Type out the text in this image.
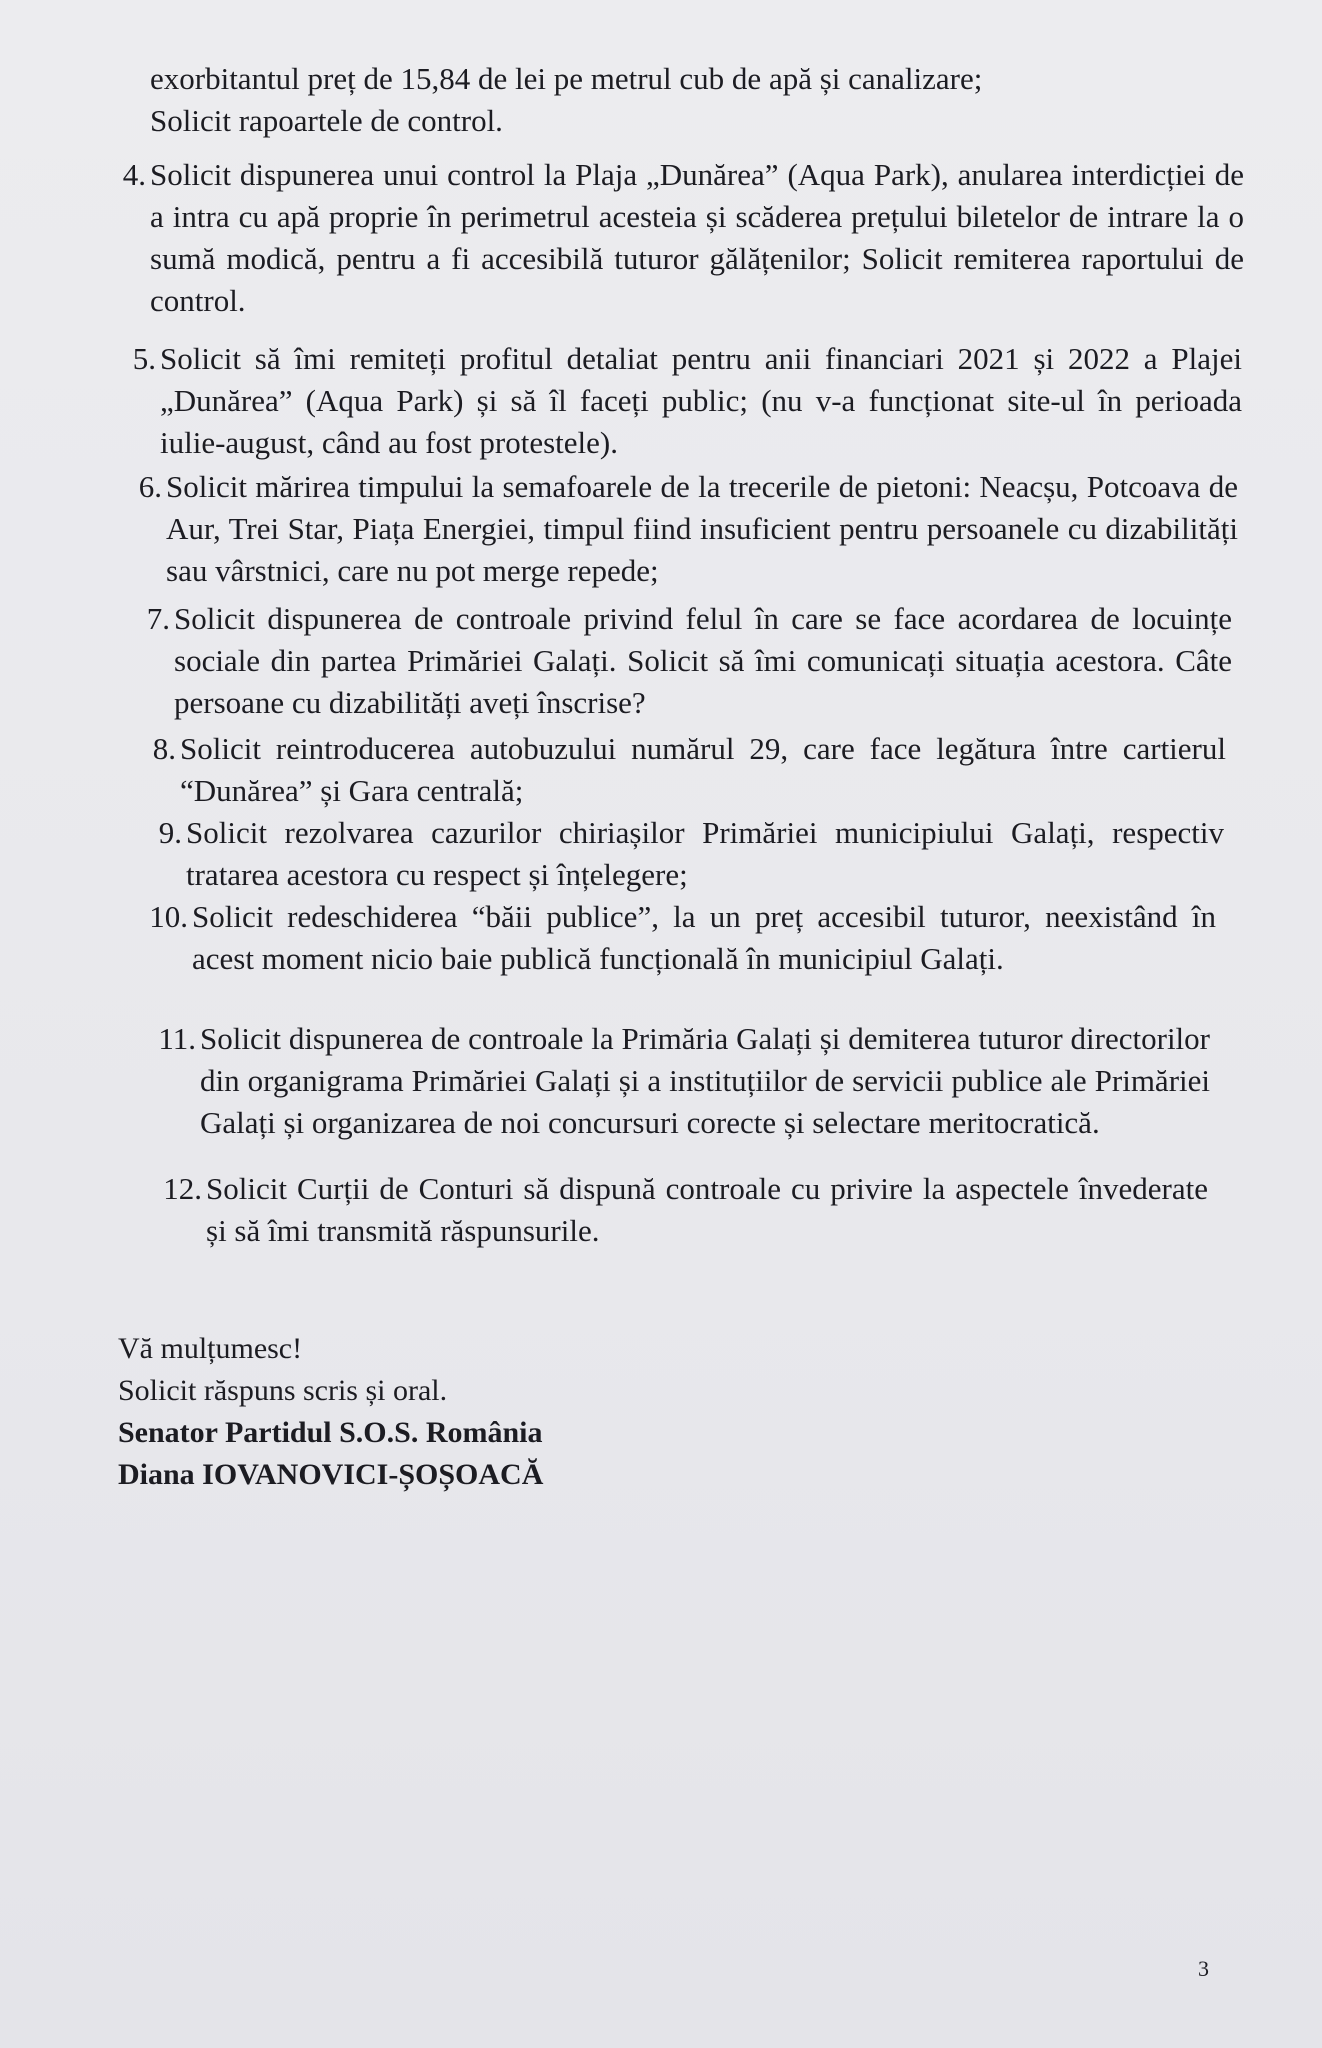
exorbitantul preț de 15,84 de lei pe metrul cub de apă și canalizare;
Solicit rapoartele de control.
4. Solicit dispunerea unui control la Plaja „Dunărea” (Aqua Park), anularea interdicției de a intra cu apă proprie în perimetrul acesteia și scăderea prețului biletelor de intrare la o sumă modică, pentru a fi accesibilă tuturor gălățenilor; Solicit remiterea raportului de control.
5. Solicit să îmi remiteți profitul detaliat pentru anii financiari 2021 și 2022 a Plajei „Dunărea” (Aqua Park) și să îl faceți public; (nu v-a funcționat site-ul în perioada iulie-august, când au fost protestele).
6. Solicit mărirea timpului la semafoarele de la trecerile de pietoni: Neacșu, Potcoava de Aur, Trei Star, Piața Energiei, timpul fiind insuficient pentru persoanele cu dizabilități sau vârstnici, care nu pot merge repede;
7. Solicit dispunerea de controale privind felul în care se face acordarea de locuințe sociale din partea Primăriei Galați. Solicit să îmi comunicați situația acestora. Câte persoane cu dizabilități aveți înscrise?
8. Solicit reintroducerea autobuzului numărul 29, care face legătura între cartierul “Dunărea” și Gara centrală;
9. Solicit rezolvarea cazurilor chiriașilor Primăriei municipiului Galați, respectiv tratarea acestora cu respect și înțelegere;
10. Solicit redeschiderea “băii publice”, la un preț accesibil tuturor, neexistând în acest moment nicio baie publică funcțională în municipiul Galați.
11. Solicit dispunerea de controale la Primăria Galați și demiterea tuturor directorilor din organigrama Primăriei Galați și a instituțiilor de servicii publice ale Primăriei Galați și organizarea de noi concursuri corecte și selectare meritocratică.
12. Solicit Curții de Conturi să dispună controale cu privire la aspectele învederate și să îmi transmită răspunsurile.
Vă mulțumesc!
Solicit răspuns scris și oral.
Senator Partidul S.O.S. România
Diana IOVANOVICI-ȘOȘOACĂ
3
